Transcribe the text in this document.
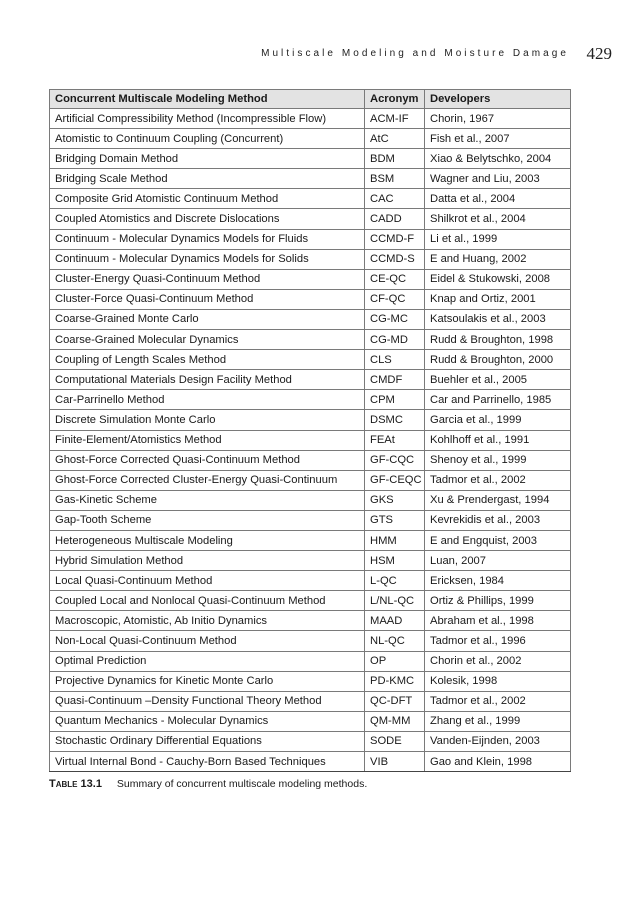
Multiscale Modeling and Moisture Damage 429
Concurrent Multiscale Modeling Method	Acronym	Developers
Artificial Compressibility Method (Incompressible Flow)	ACM-IF	Chorin, 1967
Atomistic to Continuum Coupling (Concurrent)	AtC	Fish et al., 2007
Bridging Domain Method	BDM	Xiao & Belytschko, 2004
Bridging Scale Method	BSM	Wagner and Liu, 2003
Composite Grid Atomistic Continuum Method	CAC	Datta et al., 2004
Coupled Atomistics and Discrete Dislocations	CADD	Shilkrot et al., 2004
Continuum - Molecular Dynamics Models for Fluids	CCMD-F	Li et al., 1999
Continuum - Molecular Dynamics Models for Solids	CCMD-S	E and Huang, 2002
Cluster-Energy Quasi-Continuum Method	CE-QC	Eidel & Stukowski, 2008
Cluster-Force Quasi-Continuum Method	CF-QC	Knap and Ortiz, 2001
Coarse-Grained Monte Carlo	CG-MC	Katsoulakis et al., 2003
Coarse-Grained Molecular Dynamics	CG-MD	Rudd & Broughton, 1998
Coupling of Length Scales Method	CLS	Rudd & Broughton, 2000
Computational Materials Design Facility Method	CMDF	Buehler et al., 2005
Car-Parrinello Method	CPM	Car and Parrinello, 1985
Discrete Simulation Monte Carlo	DSMC	Garcia et al., 1999
Finite-Element/Atomistics Method	FEAt	Kohlhoff et al., 1991
Ghost-Force Corrected Quasi-Continuum Method	GF-CQC	Shenoy et al., 1999
Ghost-Force Corrected Cluster-Energy Quasi-Continuum	GF-CEQC	Tadmor et al., 2002
Gas-Kinetic Scheme	GKS	Xu & Prendergast, 1994
Gap-Tooth Scheme	GTS	Kevrekidis et al., 2003
Heterogeneous Multiscale Modeling	HMM	E and Engquist, 2003
Hybrid Simulation Method	HSM	Luan, 2007
Local Quasi-Continuum Method	L-QC	Ericksen, 1984
Coupled Local and Nonlocal Quasi-Continuum Method	L/NL-QC	Ortiz & Phillips, 1999
Macroscopic, Atomistic, Ab Initio Dynamics	MAAD	Abraham et al., 1998
Non-Local Quasi-Continuum Method	NL-QC	Tadmor et al., 1996
Optimal Prediction	OP	Chorin et al., 2002
Projective Dynamics for Kinetic Monte Carlo	PD-KMC	Kolesik, 1998
Quasi-Continuum –Density Functional Theory Method	QC-DFT	Tadmor et al., 2002
Quantum Mechanics - Molecular Dynamics	QM-MM	Zhang et al., 1999
Stochastic Ordinary Differential Equations	SODE	Vanden-Eijnden, 2003
Virtual Internal Bond - Cauchy-Born Based Techniques	VIB	Gao and Klein, 1998
Table 13.1 Summary of concurrent multiscale modeling methods.
